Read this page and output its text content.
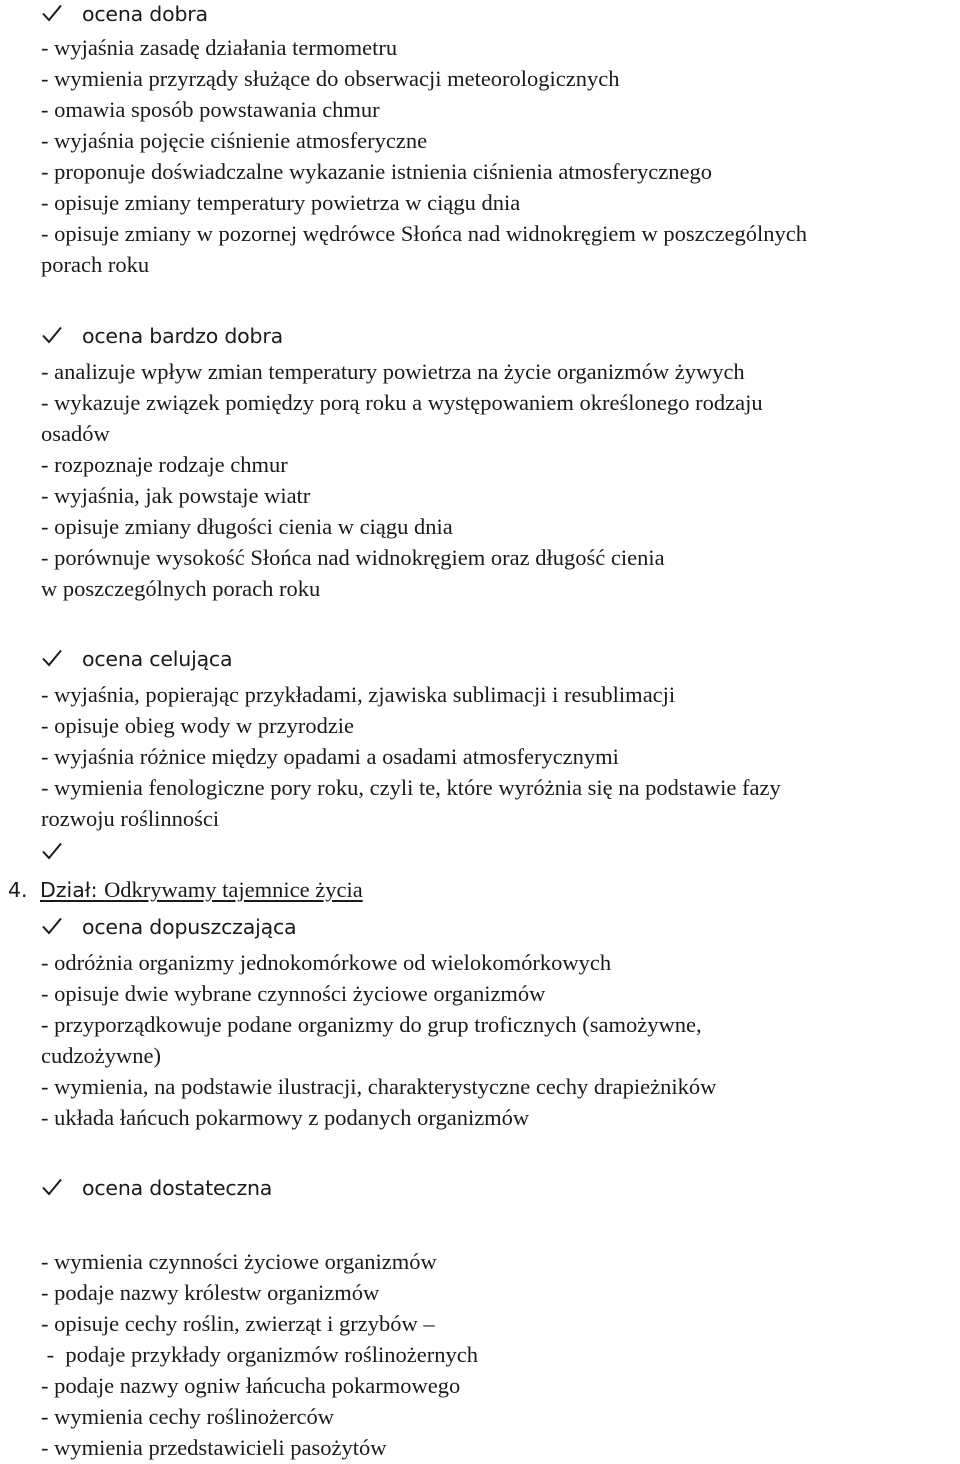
ocena dobra
- wyjaśnia zasadę działania termometru
- wymienia przyrządy służące do obserwacji meteorologicznych
- omawia sposób powstawania chmur
- wyjaśnia pojęcie ciśnienie atmosferyczne
- proponuje doświadczalne wykazanie istnienia ciśnienia atmosferycznego
- opisuje zmiany temperatury powietrza w ciągu dnia
- opisuje zmiany w pozornej wędrówce Słońca nad widnokręgiem w poszczególnych
porach roku
ocena bardzo dobra
- analizuje wpływ zmian temperatury powietrza na życie organizmów żywych
- wykazuje związek pomiędzy porą roku a występowaniem określonego rodzaju
osadów
- rozpoznaje rodzaje chmur
- wyjaśnia, jak powstaje wiatr
- opisuje zmiany długości cienia w ciągu dnia
- porównuje wysokość Słońca nad widnokręgiem oraz długość cienia
w poszczególnych porach roku
ocena celująca
- wyjaśnia, popierając przykładami, zjawiska sublimacji i resublimacji
- opisuje obieg wody w przyrodzie
- wyjaśnia różnice między opadami a osadami atmosferycznymi
- wymienia fenologiczne pory roku, czyli te, które wyróżnia się na podstawie fazy
rozwoju roślinności
4. Dział: Odkrywamy tajemnice życia
ocena dopuszczająca
- odróżnia organizmy jednokomórkowe od wielokomórkowych
- opisuje dwie wybrane czynności życiowe organizmów
- przyporządkowuje podane organizmy do grup troficznych (samożywne,
cudzożywne)
- wymienia, na podstawie ilustracji, charakterystyczne cechy drapieżników
- układa łańcuch pokarmowy z podanych organizmów
ocena dostateczna
- wymienia czynności życiowe organizmów
- podaje nazwy królestw organizmów
- opisuje cechy roślin, zwierząt i grzybów –
-  podaje przykłady organizmów roślinożernych
- podaje nazwy ogniw łańcucha pokarmowego
- wymienia cechy roślinożerców
- wymienia przedstawicieli pasożytów
